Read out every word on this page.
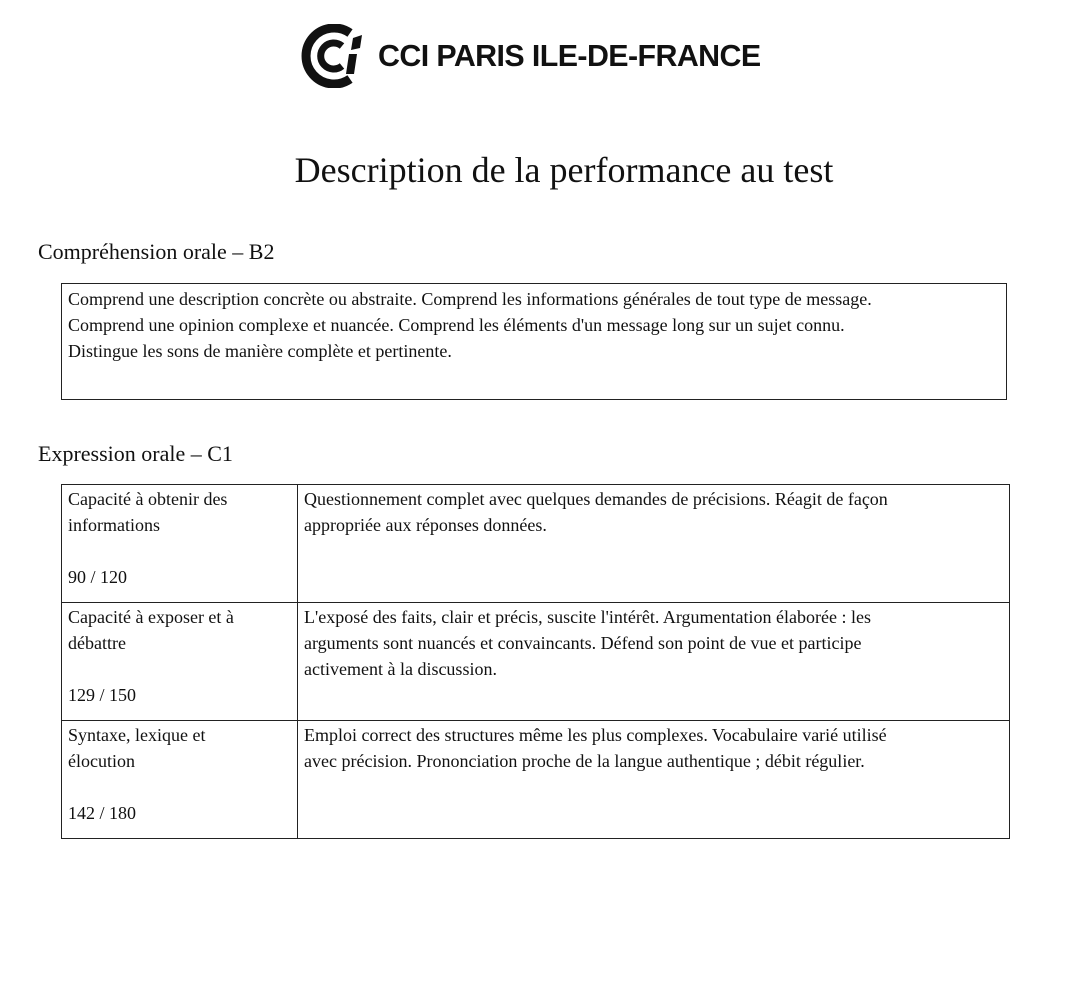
CCI PARIS ILE-DE-FRANCE
Description de la performance au test
Compréhension orale – B2
Comprend une description concrète ou abstraite. Comprend les informations générales de tout type de message.
Comprend une opinion complexe et nuancée. Comprend les éléments d'un message long sur un sujet connu.
Distingue les sons de manière complète et pertinente.
Expression orale – C1
Capacité à obtenir des
informations
90 / 120	Questionnement complet avec quelques demandes de précisions. Réagit de façon
appropriée aux réponses données.

Capacité à exposer et à
débattre
129 / 150	L'exposé des faits, clair et précis, suscite l'intérêt. Argumentation élaborée : les
arguments sont nuancés et convaincants. Défend son point de vue et participe
activement à la discussion.

Syntaxe, lexique et
élocution
142 / 180	Emploi correct des structures même les plus complexes. Vocabulaire varié utilisé
avec précision. Prononciation proche de la langue authentique ; débit régulier.
